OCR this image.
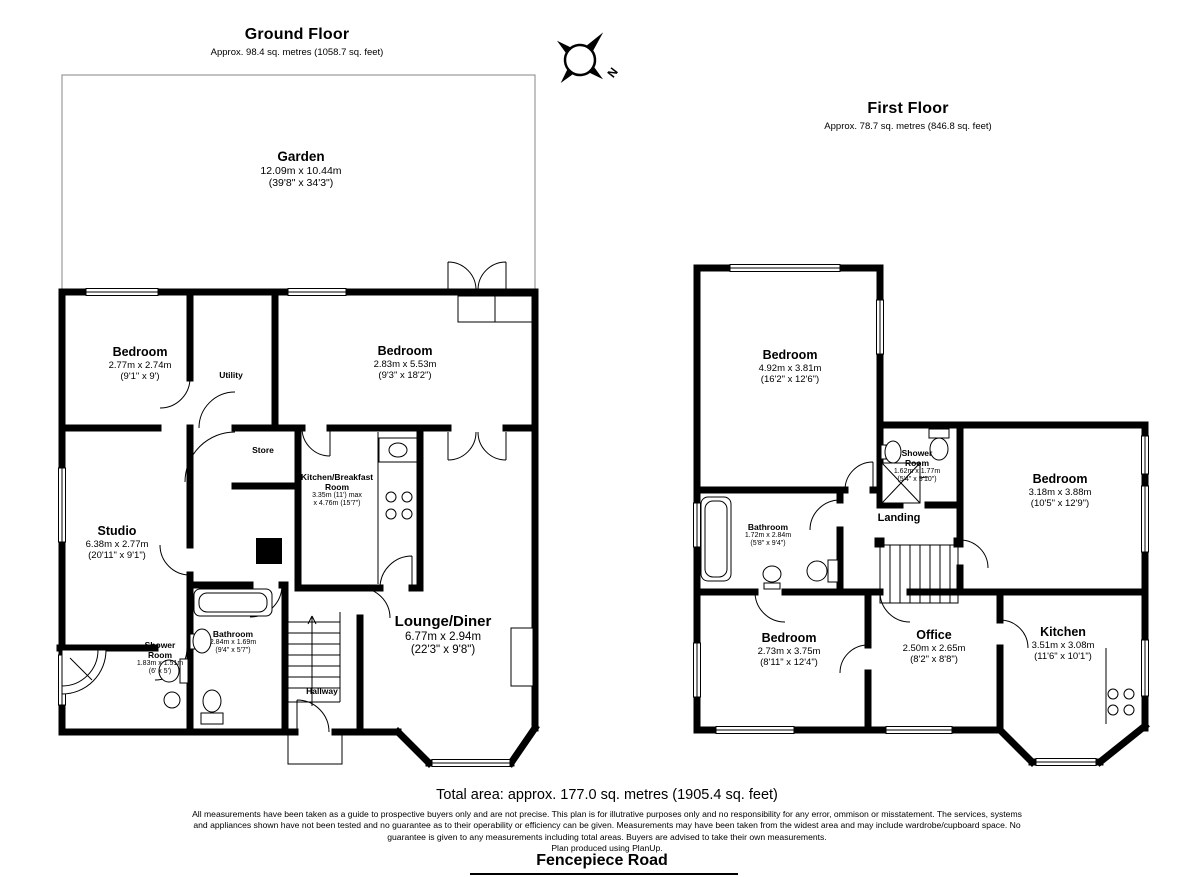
N
Ground Floor
Approx. 98.4 sq. metres (1058.7 sq. feet)
First Floor
Approx. 78.7 sq. metres (846.8 sq. feet)
Garden
12.09m x 10.44m
(39'8" x 34'3")
Bedroom
2.77m x 2.74m
(9'1" x 9')	Utility
Bedroom
2.83m x 5.53m
(9'3" x 18'2")
Store
Kitchen/Breakfast Room
3.35m (11') max
x 4.76m (15'7")
Studio
6.38m x 2.77m
(20'11" x 9'1")
Bathroom
2.84m x 1.69m
(9'4" x 5'7")
Shower Room
1.83m x 1.51m
(6' x 5')
Hallway
Lounge/Diner
6.77m x 2.94m
(22'3" x 9'8")
Bedroom
4.92m x 3.81m
(16'2" x 12'6")
Shower Room
1.62m x 1.77m
(5'4" x 5'10")	Bedroom
3.18m x 3.88m
(10'5" x 12'9")
Bathroom
1.72m x 2.84m
(5'8" x 9'4")
Landing
Bedroom
2.73m x 3.75m
(8'11" x 12'4")
Office
2.50m x 2.65m
(8'2" x 8'8")
Kitchen
3.51m x 3.08m
(11'6" x 10'1")
Total area: approx. 177.0 sq. metres (1905.4 sq. feet)
All measurements have been taken as a guide to prospective buyers only and are not precise. This plan is for illutrative purposes only and no responsibility for any error, ommison or misstatement. The services, systems and appliances shown have not been tested and no guarantee as to their operability or efficiency can be given. Measurements may have been taken from the widest area and may include wardrobe/cupboard space. No guarantee is given to any measurements including total areas. Buyers are advised to take their own measurements.
Plan produced using PlanUp.
Fencepiece Road
